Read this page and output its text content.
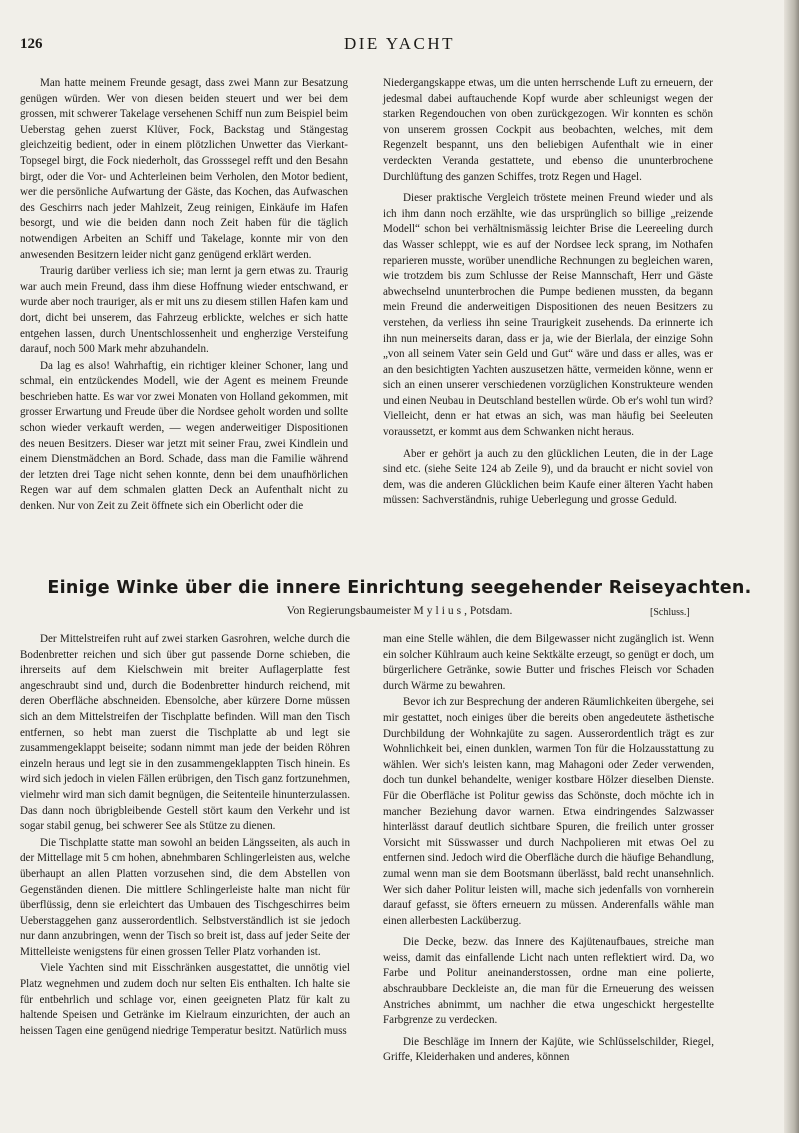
126	DIE YACHT

Man hatte meinem Freunde gesagt, dass zwei Mann zur Besatzung genügen würden. Wer von diesen beiden steuert und wer bei dem grossen, mit schwerer Takelage versehenen Schiff nun zum Beispiel beim Ueberstag gehen zuerst Klüver, Fock, Backstag und Stängestag gleichzeitig bedient, oder in einem plötzlichen Unwetter das Vierkant-Topsegel birgt, die Fock niederholt, das Grosssegel refft und den Besahn birgt, oder die Vor- und Achterleinen beim Verholen, den Motor bedient, wer die persönliche Aufwartung der Gäste, das Kochen, das Aufwaschen des Geschirrs nach jeder Mahlzeit, Zeug reinigen, Einkäufe im Hafen besorgt, und wie die beiden dann noch Zeit haben für die täglich notwendigen Arbeiten an Schiff und Takelage, konnte mir von den anwesenden Besitzern leider nicht ganz genügend erklärt werden.

Traurig darüber verliess ich sie; man lernt ja gern etwas zu. Traurig war auch mein Freund, dass ihm diese Hoffnung wieder entschwand, er wurde aber noch trauriger, als er mit uns zu diesem stillen Hafen kam und dort, dicht bei unserem, das Fahrzeug erblickte, welches er sich hatte entgehen lassen, durch Unentschlossenheit und engherzige Versteifung darauf, noch 500 Mark mehr abzuhandeln.

Da lag es also! Wahrhaftig, ein richtiger kleiner Schoner, lang und schmal, ein entzückendes Modell, wie der Agent es meinem Freunde beschrieben hatte. Es war vor zwei Monaten von Holland gekommen, mit grosser Erwartung und Freude über die Nordsee geholt worden und sollte schon wieder verkauft werden, — wegen anderweitiger Dispositionen des neuen Besitzers. Dieser war jetzt mit seiner Frau, zwei Kindlein und einem Dienstmädchen an Bord. Schade, dass man die Familie während der letzten drei Tage nicht sehen konnte, denn bei dem unaufhörlichen Regen war auf dem schmalen glatten Deck an Aufenthalt nicht zu denken. Nur von Zeit zu Zeit öffnete sich ein Oberlicht oder die

Niedergangskappe etwas, um die unten herrschende Luft zu erneuern, der jedesmal dabei auftauchende Kopf wurde aber schleunigst wegen der starken Regendouchen von oben zurückgezogen. Wir konnten es schön von unserem grossen Cockpit aus beobachten, welches, mit dem Regenzelt bespannt, uns den beliebigen Aufenthalt wie in einer verdeckten Veranda gestattete, und ebenso die ununterbrochene Durchlüftung des ganzen Schiffes, trotz Regen und Hagel.

Dieser praktische Vergleich tröstete meinen Freund wieder und als ich ihm dann noch erzählte, wie das ursprünglich so billige „reizende Modell“ schon bei verhältnismässig leichter Brise die Leereeling durch das Wasser schleppt, wie es auf der Nordsee leck sprang, im Nothafen reparieren musste, worüber unendliche Rechnungen zu begleichen waren, wie trotzdem bis zum Schlusse der Reise Mannschaft, Herr und Gäste abwechselnd ununterbrochen die Pumpe bedienen mussten, da begann mein Freund die anderweitigen Dispositionen des neuen Besitzers zu verstehen, da verliess ihn seine Traurigkeit zusehends. Da erinnerte ich ihn nun meinerseits daran, dass er ja, wie der Bierlala, der einzige Sohn „von all seinem Vater sein Geld und Gut“ wäre und dass er alles, was er an den besichtigten Yachten auszusetzen hätte, vermeiden könne, wenn er sich an einen unserer verschiedenen vorzüglichen Konstrukteure wenden und einen Neubau in Deutschland bestellen würde. Ob er's wohl tun wird? Vielleicht, denn er hat etwas an sich, was man häufig bei Seeleuten voraussetzt, er kommt aus dem Schwanken nicht heraus.

Aber er gehört ja auch zu den glücklichen Leuten, die in der Lage sind etc. (siehe Seite 124 ab Zeile 9), und da braucht er nicht soviel von dem, was die anderen Glücklichen beim Kaufe einer älteren Yacht haben müssen: Sachverständnis, ruhige Ueberlegung und grosse Geduld.

Einige Winke über die innere Einrichtung seegehender Reiseyachten.
Von Regierungsbaumeister Mylius, Potsdam.	[Schluss.]

Der Mittelstreifen ruht auf zwei starken Gasrohren, welche durch die Bodenbretter reichen und sich über gut passende Dorne schieben, die ihrerseits auf dem Kielschwein mit breiter Auflagerplatte fest angeschraubt sind und, durch die Bodenbretter hindurch reichend, mit deren Oberfläche abschneiden. Ebensolche, aber kürzere Dorne müssen sich an dem Mittelstreifen der Tischplatte befinden. Will man den Tisch entfernen, so hebt man zuerst die Tischplatte ab und legt sie zusammengeklappt beiseite; sodann nimmt man jede der beiden Röhren einzeln heraus und legt sie in den zusammengeklappten Tisch hinein. Es wird sich jedoch in vielen Fällen erübrigen, den Tisch ganz fortzunehmen, vielmehr wird man sich damit begnügen, die Seitenteile hinunterzulassen. Das dann noch übrigbleibende Gestell stört kaum den Verkehr und ist sogar stabil genug, bei schwerer See als Stütze zu dienen.

Die Tischplatte statte man sowohl an beiden Längsseiten, als auch in der Mittellage mit 5 cm hohen, abnehmbaren Schlingerleisten aus, welche überhaupt an allen Platten vorzusehen sind, die dem Abstellen von Gegenständen dienen. Die mittlere Schlingerleiste halte man nicht für überflüssig, denn sie erleichtert das Umbauen des Tischgeschirres beim Ueberstaggehen ganz ausserordentlich. Selbstverständlich ist sie jedoch nur dann anzubringen, wenn der Tisch so breit ist, dass auf jeder Seite der Mittelleiste wenigstens für einen grossen Teller Platz vorhanden ist.

Viele Yachten sind mit Eisschränken ausgestattet, die unnötig viel Platz wegnehmen und zudem doch nur selten Eis enthalten. Ich halte sie für entbehrlich und schlage vor, einen geeigneten Platz für kalt zu haltende Speisen und Getränke im Kielraum einzurichten, der auch an heissen Tagen eine genügend niedrige Temperatur besitzt. Natürlich muss

man eine Stelle wählen, die dem Bilgewasser nicht zugänglich ist. Wenn ein solcher Kühlraum auch keine Sektkälte erzeugt, so genügt er doch, um bürgerlichere Getränke, sowie Butter und frisches Fleisch vor Schaden durch Wärme zu bewahren.

Bevor ich zur Besprechung der anderen Räumlichkeiten übergehe, sei mir gestattet, noch einiges über die bereits oben angedeutete ästhetische Durchbildung der Wohnkajüte zu sagen. Ausserordentlich trägt es zur Wohnlichkeit bei, einen dunklen, warmen Ton für die Holzausstattung zu wählen. Wer sich's leisten kann, mag Mahagoni oder Zeder verwenden, doch tun dunkel behandelte, weniger kostbare Hölzer dieselben Dienste. Für die Oberfläche ist Politur gewiss das Schönste, doch möchte ich in mancher Beziehung davor warnen. Etwa eindringendes Salzwasser hinterlässt darauf deutlich sichtbare Spuren, die freilich unter grosser Vorsicht mit Süsswasser und durch Nachpolieren mit etwas Oel zu entfernen sind. Jedoch wird die Oberfläche durch die häufige Behandlung, zumal wenn man sie dem Bootsmann überlässt, bald recht unansehnlich. Wer sich daher Politur leisten will, mache sich jedenfalls von vornherein darauf gefasst, sie öfters erneuern zu müssen. Anderenfalls wähle man einen allerbesten Lacküberzug.

Die Decke, bezw. das Innere des Kajütenaufbaues, streiche man weiss, damit das einfallende Licht nach unten reflektiert wird. Da, wo Farbe und Politur aneinanderstossen, ordne man eine polierte, abschraubbare Deckleiste an, die man für die Erneuerung des weissen Anstriches abnimmt, um nachher die etwa ungeschickt hergestellte Farbgrenze zu verdecken.

Die Beschläge im Innern der Kajüte, wie Schlüsselschilder, Riegel, Griffe, Kleiderhaken und anderes, können
